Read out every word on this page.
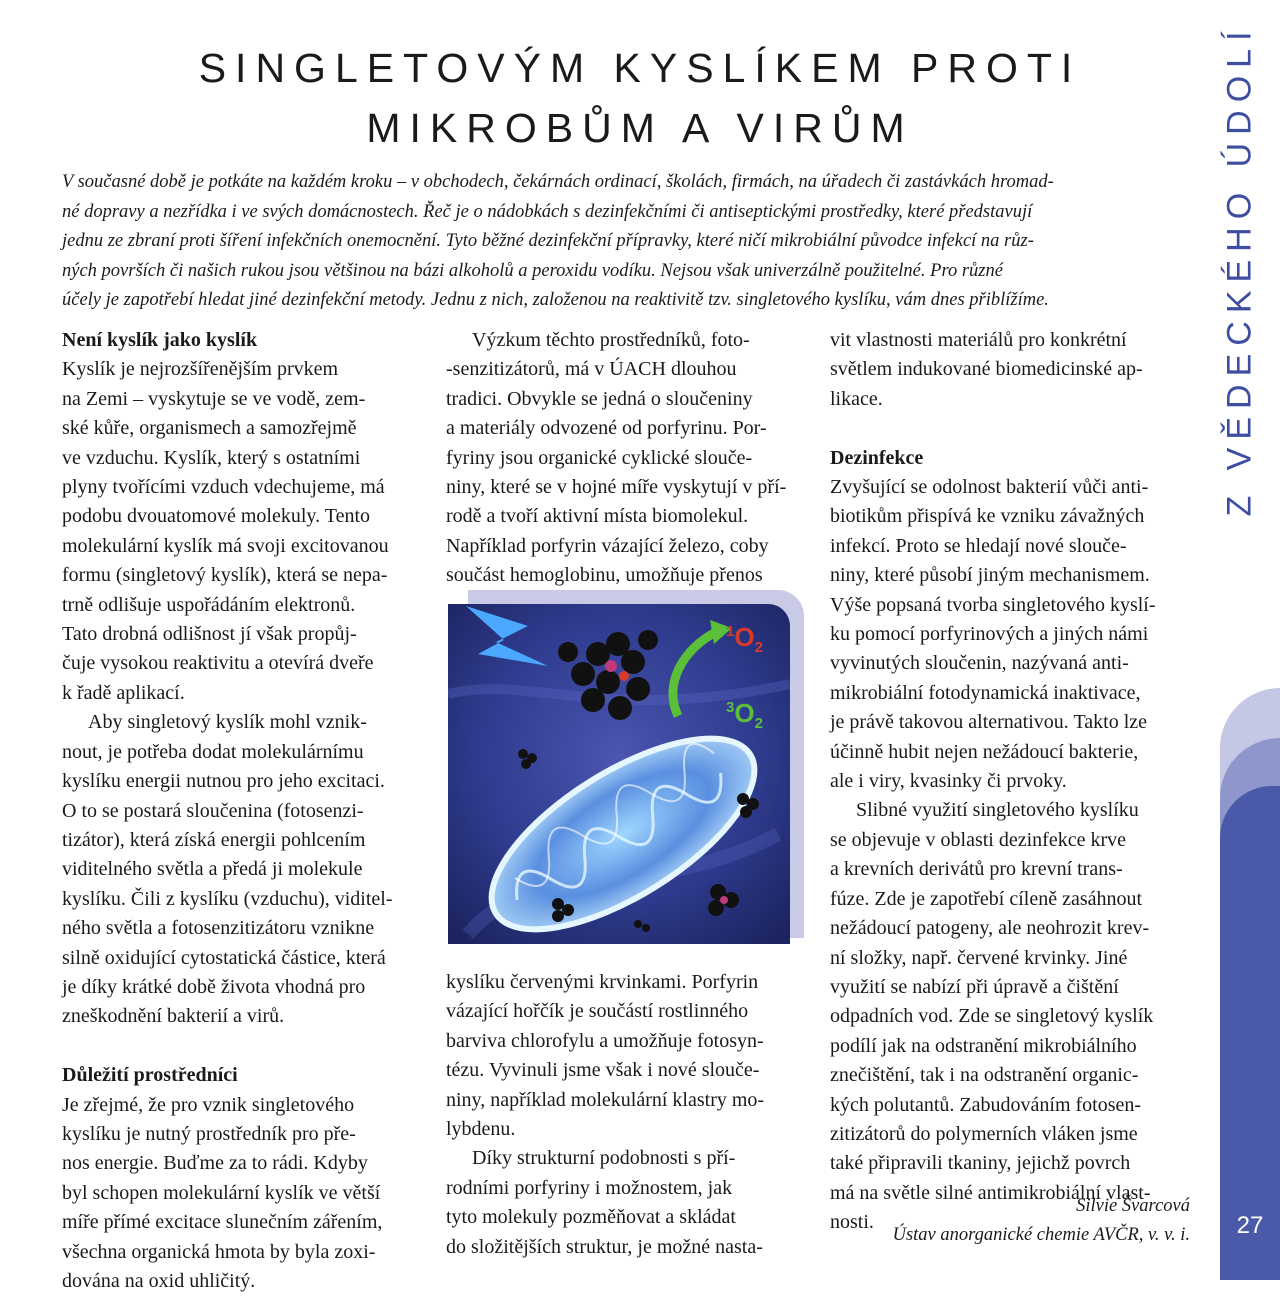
SINGLETOVÝM KYSLÍKEM PROTI
MIKROBŮM A VIRŮM

V současné době je potkáte na každém kroku – v obchodech, čekárnách ordinací, školách, firmách, na úřadech či zastávkách hromad-
né dopravy a nezřídka i ve svých domácnostech. Řeč je o nádobkách s dezinfekčními či antiseptickými prostředky, které představují
jednu ze zbraní proti šíření infekčních onemocnění. Tyto běžné dezinfekční přípravky, které ničí mikrobiální původce infekcí na růz-
ných površích či našich rukou jsou většinou na bázi alkoholů a peroxidu vodíku. Nejsou však univerzálně použitelné. Pro různé
účely je zapotřebí hledat jiné dezinfekční metody. Jednu z nich, založenou na reaktivitě tzv. singletového kyslíku, vám dnes přiblížíme.

Není kyslík jako kyslík
Kyslík je nejrozšířenějším prvkem
na Zemi – vyskytuje se ve vodě, zem-
ské kůře, organismech a samozřejmě
ve vzduchu. Kyslík, který s ostatními
plyny tvořícími vzduch vdechujeme, má
podobu dvouatomové molekuly. Tento
molekulární kyslík má svoji excitovanou
formu (singletový kyslík), která se nepa-
trně odlišuje uspořádáním elektronů.
Tato drobná odlišnost jí však propůj-
čuje vysokou reaktivitu a otevírá dveře
k řadě aplikací.
Aby singletový kyslík mohl vznik-
nout, je potřeba dodat molekulárnímu
kyslíku energii nutnou pro jeho excitaci.
O to se postará sloučenina (fotosenzi-
tizátor), která získá energii pohlcením
viditelného světla a předá ji molekule
kyslíku. Čili z kyslíku (vzduchu), viditel-
ného světla a fotosenzitizátoru vznikne
silně oxidující cytostatická částice, která
je díky krátké době života vhodná pro
zneškodnění bakterií a virů.
Důležití prostředníci
Je zřejmé, že pro vznik singletového
kyslíku je nutný prostředník pro pře-
nos energie. Buďme za to rádi. Kdyby
byl schopen molekulární kyslík ve větší
míře přímé excitace slunečním zářením,
všechna organická hmota by byla zoxi-
dována na oxid uhličitý.
Výzkum těchto prostředníků, foto-
-senzitizátorů, má v ÚACH dlouhou
tradici. Obvykle se jedná o sloučeniny
a materiály odvozené od porfyrinu. Por-
fyriny jsou organické cyklické slouče-
niny, které se v hojné míře vyskytují v pří-
rodě a tvoří aktivní místa biomolekul.
Například porfyrin vázající železo, coby
součást hemoglobinu, umožňuje přenos
$^1O_2$
$^3O_2$
kyslíku červenými krvinkami. Porfyrin
vázající hořčík je součástí rostlinného
barviva chlorofylu a umožňuje fotosyn-
tézu. Vyvinuli jsme však i nové slouče-
niny, například molekulární klastry mo-
lybdenu.
Díky strukturní podobnosti s pří-
rodními porfyriny i možnostem, jak
tyto molekuly pozměňovat a skládat
do složitějších struktur, je možné nasta-
vit vlastnosti materiálů pro konkrétní
světlem indukované biomedicinské ap-
likace.
Dezinfekce
Zvyšující se odolnost bakterií vůči anti-
biotikům přispívá ke vzniku závažných
infekcí. Proto se hledají nové slouče-
niny, které působí jiným mechanismem.
Výše popsaná tvorba singletového kyslí-
ku pomocí porfyrinových a jiných námi
vyvinutých sloučenin, nazývaná anti-
mikrobiální fotodynamická inaktivace,
je právě takovou alternativou. Takto lze
účinně hubit nejen nežádoucí bakterie,
ale i viry, kvasinky či prvoky.
Slibné využití singletového kyslíku
se objevuje v oblasti dezinfekce krve
a krevních derivátů pro krevní trans-
fúze. Zde je zapotřebí cíleně zasáhnout
nežádoucí patogeny, ale neohrozit krev-
ní složky, např. červené krvinky. Jiné
využití se nabízí při úpravě a čištění
odpadních vod. Zde se singletový kyslík
podílí jak na odstranění mikrobiálního
znečištění, tak i na odstranění organic-
kých polutantů. Zabudováním fotosen-
zitizátorů do polymerních vláken jsme
také připravili tkaniny, jejichž povrch
má na světle silné antimikrobiální vlast-
nosti.
Silvie Švarcová
Ústav anorganické chemie AVČR, v. v. i.
Z VĚDECKÉHO ÚDOLÍ
27
